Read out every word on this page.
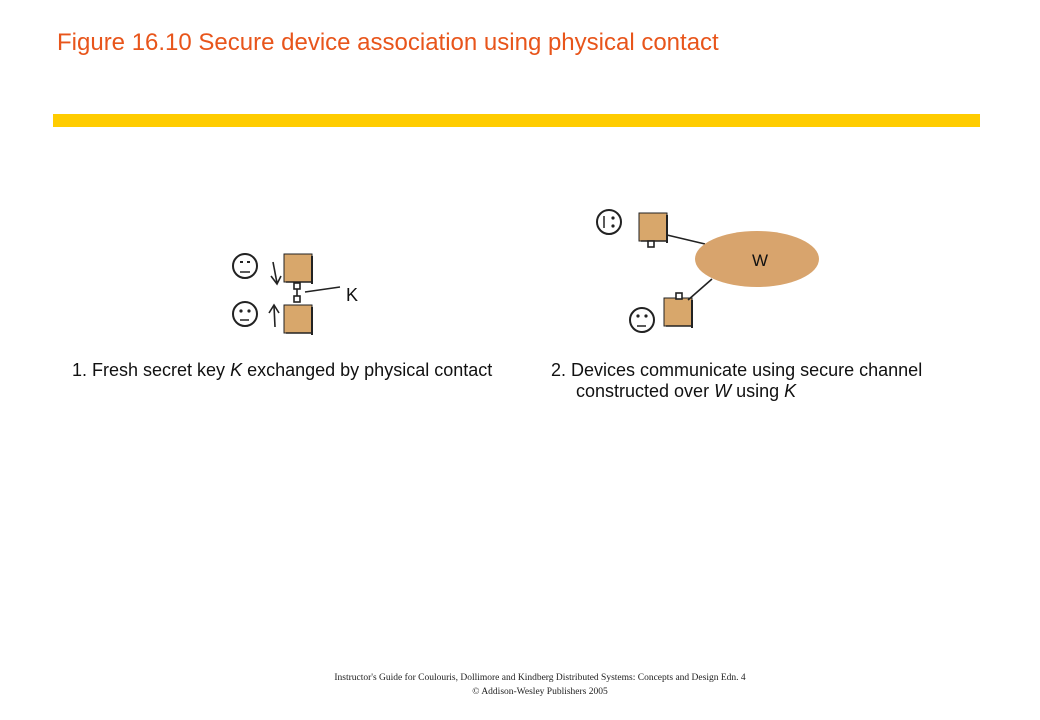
Figure 16.10 Secure device association using physical contact
K
W
1. Fresh secret key K exchanged by physical contact	2. Devices communicate using secure channel
constructed over W using K
Instructor's Guide for Coulouris, Dollimore and Kindberg Distributed Systems: Concepts and Design Edn. 4
© Addison-Wesley Publishers 2005
